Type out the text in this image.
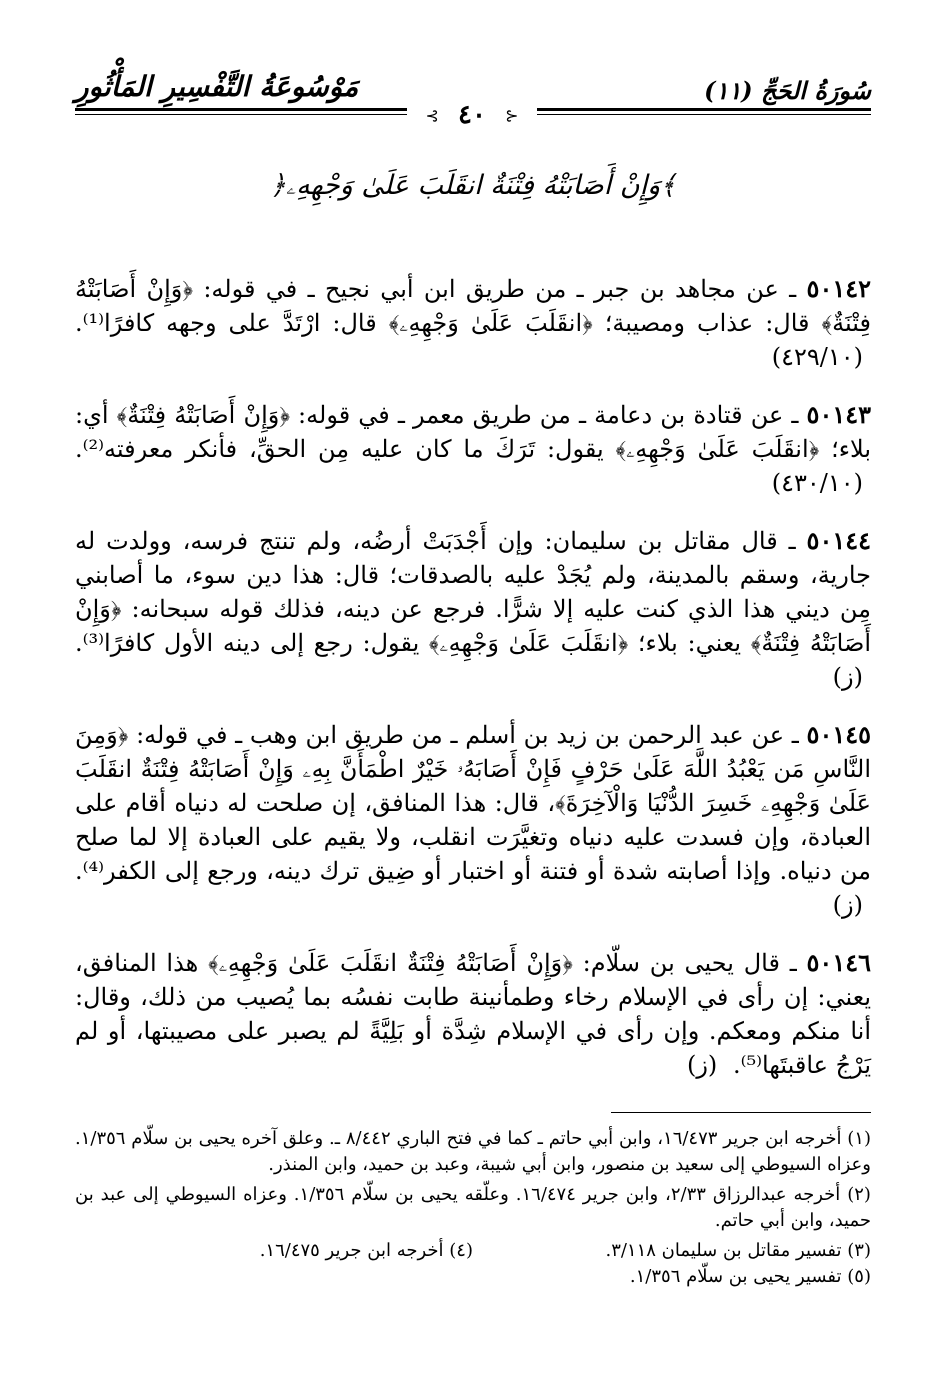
مَوْسُوعَةُ التَّفْسِيرِ المَأْثُورِ	سُورَةُ الحَجِّ (١١)
⊰ ٤٠ ⊱
﴿وَإِنْ أَصَابَتْهُ فِتْنَةٌ انقَلَبَ عَلَىٰ وَجْهِهِۦ﴾

٥٠١٤٢ ـ عن مجاهد بن جبر ـ من طريق ابن أبي نجيح ـ في قوله: ﴿وَإِنْ أَصَابَتْهُ فِتْنَةٌ﴾ قال: عذاب ومصيبة؛ ﴿انقَلَبَ عَلَىٰ وَجْهِهِۦ﴾ قال: ارْتَدَّ على وجهه كافرًا⁽¹⁾. (٤٢٩/١٠)

٥٠١٤٣ ـ عن قتادة بن دعامة ـ من طريق معمر ـ في قوله: ﴿وَإِنْ أَصَابَتْهُ فِتْنَةٌ﴾ أي: بلاء؛ ﴿انقَلَبَ عَلَىٰ وَجْهِهِۦ﴾ يقول: تَرَكَ ما كان عليه مِن الحقِّ، فأنكر معرفته⁽²⁾. (٤٣٠/١٠)

٥٠١٤٤ ـ قال مقاتل بن سليمان: وإن أَجْدَبَتْ أرضُه، ولم تنتج فرسه، وولدت له جارية، وسقم بالمدينة، ولم يُجَدْ عليه بالصدقات؛ قال: هذا دين سوء، ما أصابني مِن ديني هذا الذي كنت عليه إلا شرًّا. فرجع عن دينه، فذلك قوله سبحانه: ﴿وَإِنْ أَصَابَتْهُ فِتْنَةٌ﴾ يعني: بلاء؛ ﴿انقَلَبَ عَلَىٰ وَجْهِهِۦ﴾ يقول: رجع إلى دينه الأول كافرًا⁽³⁾. (ز)

٥٠١٤٥ ـ عن عبد الرحمن بن زيد بن أسلم ـ من طريق ابن وهب ـ في قوله: ﴿وَمِنَ النَّاسِ مَن يَعْبُدُ اللَّهَ عَلَىٰ حَرْفٍ فَإِنْ أَصَابَهُۥ خَيْرٌ اطْمَأَنَّ بِهِۦ وَإِنْ أَصَابَتْهُ فِتْنَةٌ انقَلَبَ عَلَىٰ وَجْهِهِۦ خَسِرَ الدُّنْيَا وَالْآخِرَةَ﴾، قال: هذا المنافق، إن صلحت له دنياه أقام على العبادة، وإن فسدت عليه دنياه وتغيَّرَت انقلب، ولا يقيم على العبادة إلا لما صلح من دنياه. وإذا أصابته شدة أو فتنة أو اختبار أو ضِيق ترك دينه، ورجع إلى الكفر⁽⁴⁾. (ز)

٥٠١٤٦ ـ قال يحيى بن سلّام: ﴿وَإِنْ أَصَابَتْهُ فِتْنَةٌ انقَلَبَ عَلَىٰ وَجْهِهِۦ﴾ هذا المنافق، يعني: إن رأى في الإسلام رخاء وطمأنينة طابت نفسُه بما يُصيب من ذلك، وقال: أنا منكم ومعكم. وإن رأى في الإسلام شِدَّة أو بَلِيَّةً لم يصبر على مصيبتها، أو لم يَرْجُ عاقبتَها⁽⁵⁾. (ز)

(١) أخرجه ابن جرير ١٦/٤٧٣، وابن أبي حاتم ـ كما في فتح الباري ٨/٤٤٢ ـ. وعلق آخره يحيى بن سلّام ١/٣٥٦. وعزاه السيوطي إلى سعيد بن منصور، وابن أبي شيبة، وعبد بن حميد، وابن المنذر.
(٢) أخرجه عبدالرزاق ٢/٣٣، وابن جرير ١٦/٤٧٤. وعلّقه يحيى بن سلّام ١/٣٥٦. وعزاه السيوطي إلى عبد بن حميد، وابن أبي حاتم.
(٣) تفسير مقاتل بن سليمان ٣/١١٨.
(٤) أخرجه ابن جرير ١٦/٤٧٥.
(٥) تفسير يحيى بن سلّام ١/٣٥٦.
